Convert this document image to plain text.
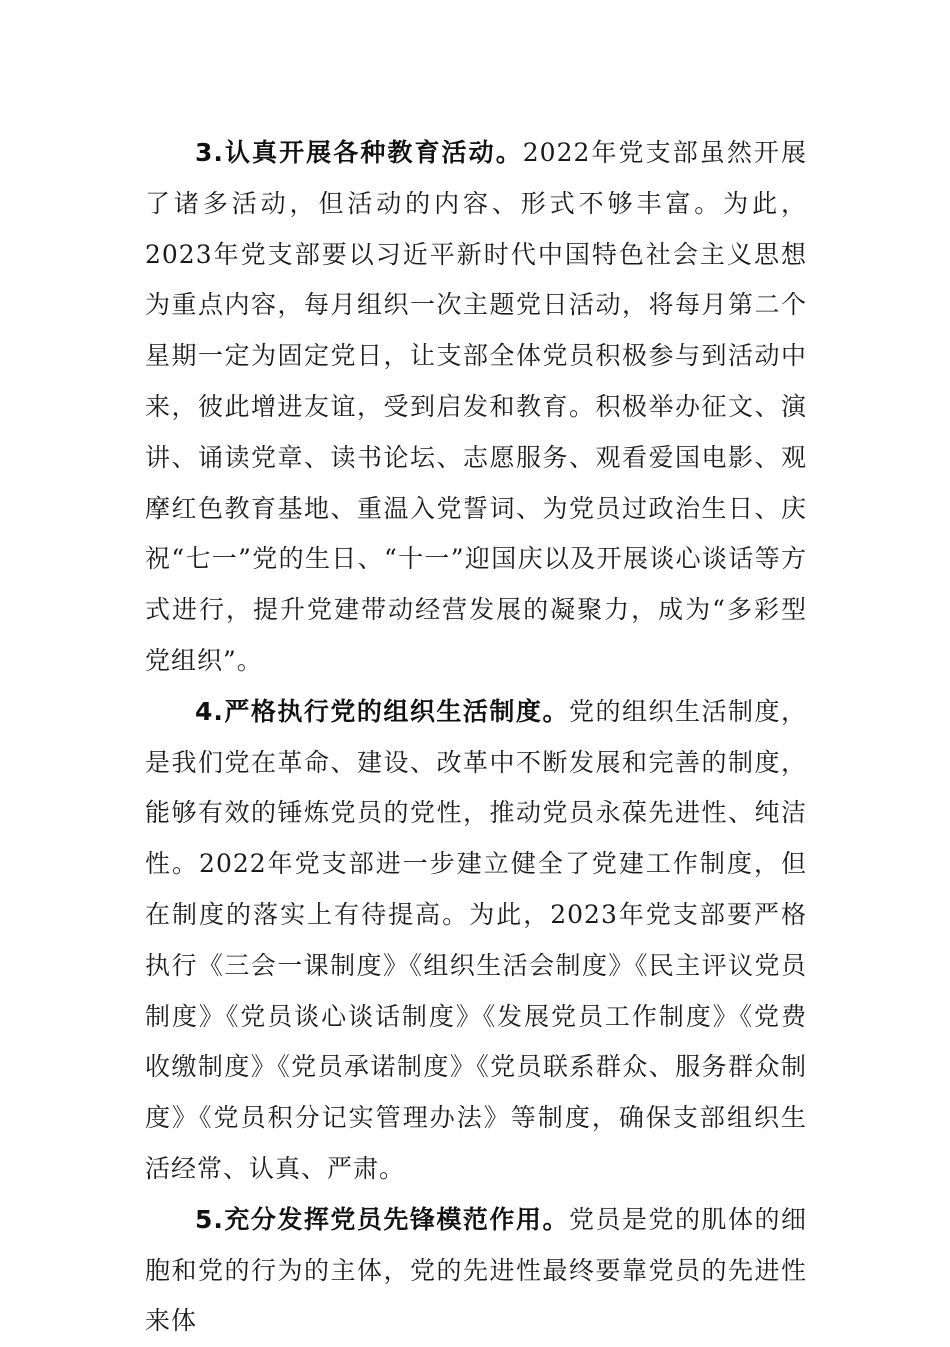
3.认真开展各种教育活动。2022年党支部虽然开展了诸多活动，但活动的内容、形式不够丰富。为此，2023年党支部要以习近平新时代中国特色社会主义思想为重点内容，每月组织一次主题党日活动，将每月第二个星期一定为固定党日，让支部全体党员积极参与到活动中来，彼此增进友谊，受到启发和教育。积极举办征文、演讲、诵读党章、读书论坛、志愿服务、观看爱国电影、观摩红色教育基地、重温入党誓词、为党员过政治生日、庆祝“七一”党的生日、“十一”迎国庆以及开展谈心谈话等方式进行，提升党建带动经营发展的凝聚力，成为“多彩型党组织”。

4.严格执行党的组织生活制度。党的组织生活制度，是我们党在革命、建设、改革中不断发展和完善的制度，能够有效的锤炼党员的党性，推动党员永葆先进性、纯洁性。2022年党支部进一步建立健全了党建工作制度，但在制度的落实上有待提高。为此，2023年党支部要严格执行《三会一课制度》《组织生活会制度》《民主评议党员制度》《党员谈心谈话制度》《发展党员工作制度》《党费收缴制度》《党员承诺制度》《党员联系群众、服务群众制度》《党员积分记实管理办法》等制度，确保支部组织生活经常、认真、严肃。

5.充分发挥党员先锋模范作用。党员是党的肌体的细胞和党的行为的主体，党的先进性最终要靠党员的先进性来体
